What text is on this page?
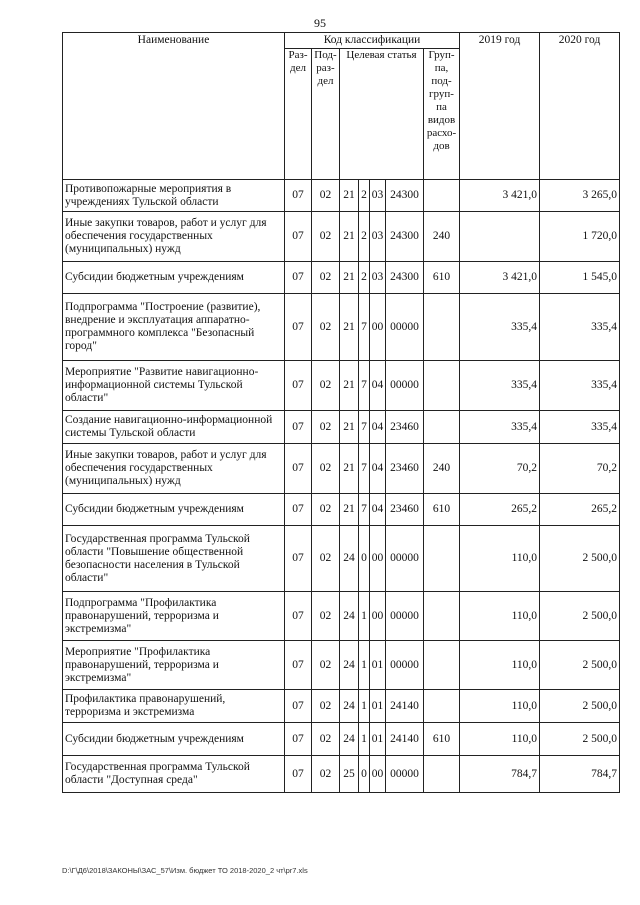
95
Наименование	Код классификации							2019 год	2020 год
	Раз-дел	Под-раз-дел	Целевая статья				Груп-па, под-груп-па видов расхо-дов		
Противопожарные мероприятия в учреждениях Тульской области	07	02	21	2	03	24300		3 421,0	3 265,0
Иные закупки товаров, работ и услуг для обеспечения государственных (муниципальных) нужд	07	02	21	2	03	24300	240		1 720,0
Субсидии бюджетным учреждениям	07	02	21	2	03	24300	610	3 421,0	1 545,0
Подпрограмма "Построение (развитие), внедрение и эксплуатация аппаратно-программного комплекса "Безопасный город"	07	02	21	7	00	00000		335,4	335,4
Мероприятие "Развитие навигационно-информационной системы Тульской области"	07	02	21	7	04	00000		335,4	335,4
Создание навигационно-информационной системы Тульской области	07	02	21	7	04	23460		335,4	335,4
Иные закупки товаров, работ и услуг для обеспечения государственных (муниципальных) нужд	07	02	21	7	04	23460	240	70,2	70,2
Субсидии бюджетным учреждениям	07	02	21	7	04	23460	610	265,2	265,2
Государственная программа Тульской области "Повышение общественной безопасности населения в Тульской области"	07	02	24	0	00	00000		110,0	2 500,0
Подпрограмма "Профилактика правонарушений, терроризма и экстремизма"	07	02	24	1	00	00000		110,0	2 500,0
Мероприятие "Профилактика правонарушений, терроризма и экстремизма"	07	02	24	1	01	00000		110,0	2 500,0
Профилактика правонарушений, терроризма и экстремизма	07	02	24	1	01	24140		110,0	2 500,0
Субсидии бюджетным учреждениям	07	02	24	1	01	24140	610	110,0	2 500,0
Государственная программа Тульской области "Доступная среда"	07	02	25	0	00	00000		784,7	784,7
D:\Г\Д6\2018\ЗАКОНЫ\ЗАС_57\Изм. бюджет ТО 2018-2020_2 чт\pr7.xls
